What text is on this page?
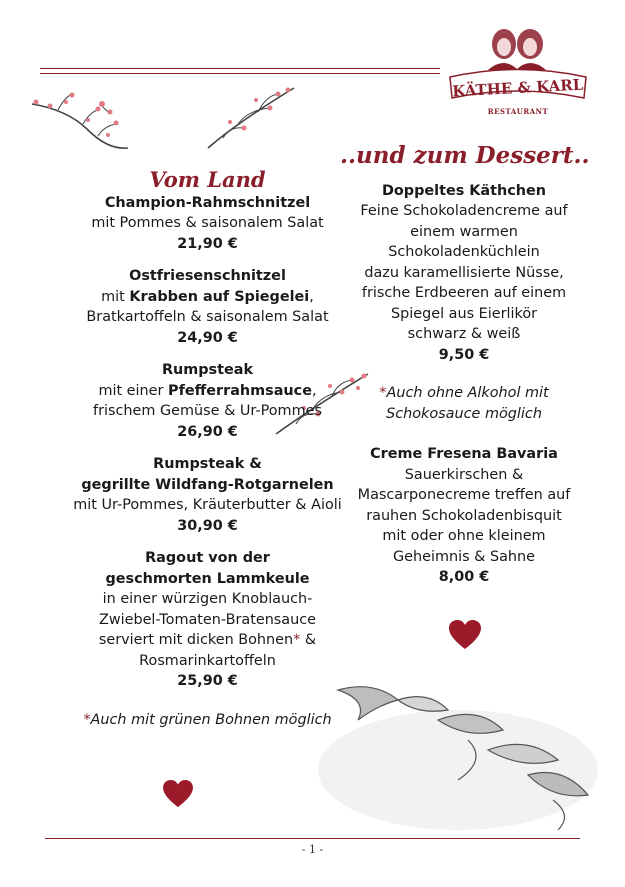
KÄTHE & KARL
RESTAURANT
Vom Land
Champion-Rahmschnitzel
mit Pommes & saisonalem Salat
21,90 €
Ostfriesenschnitzel
mit Krabben auf Spiegelei,
Bratkartoffeln & saisonalem Salat
24,90 €
Rumpsteak
mit einer Pfefferrahmsauce,
frischem Gemüse & Ur-Pommes
26,90 €
Rumpsteak &
gegrillte Wildfang-Rotgarnelen
mit Ur-Pommes, Kräuterbutter & Aioli
30,90 €
Ragout von der
geschmorten Lammkeule
in einer würzigen Knoblauch-
Zwiebel-Tomaten-Bratensauce
serviert mit dicken Bohnen* &
Rosmarinkartoffeln
25,90 €
*Auch mit grünen Bohnen möglich
..und zum Dessert..
Doppeltes Käthchen
Feine Schokoladencreme auf
einem warmen
Schokoladenküchlein
dazu karamellisierte Nüsse,
frische Erdbeeren auf einem
Spiegel aus Eierlikör
schwarz & weiß
9,50 €
*Auch ohne Alkohol mit
Schokosauce möglich
Creme Fresena Bavaria
Sauerkirschen &
Mascarponecreme treffen auf
rauhen Schokoladenbisquit
mit oder ohne kleinem
Geheimnis & Sahne
8,00 €
- 1 -
